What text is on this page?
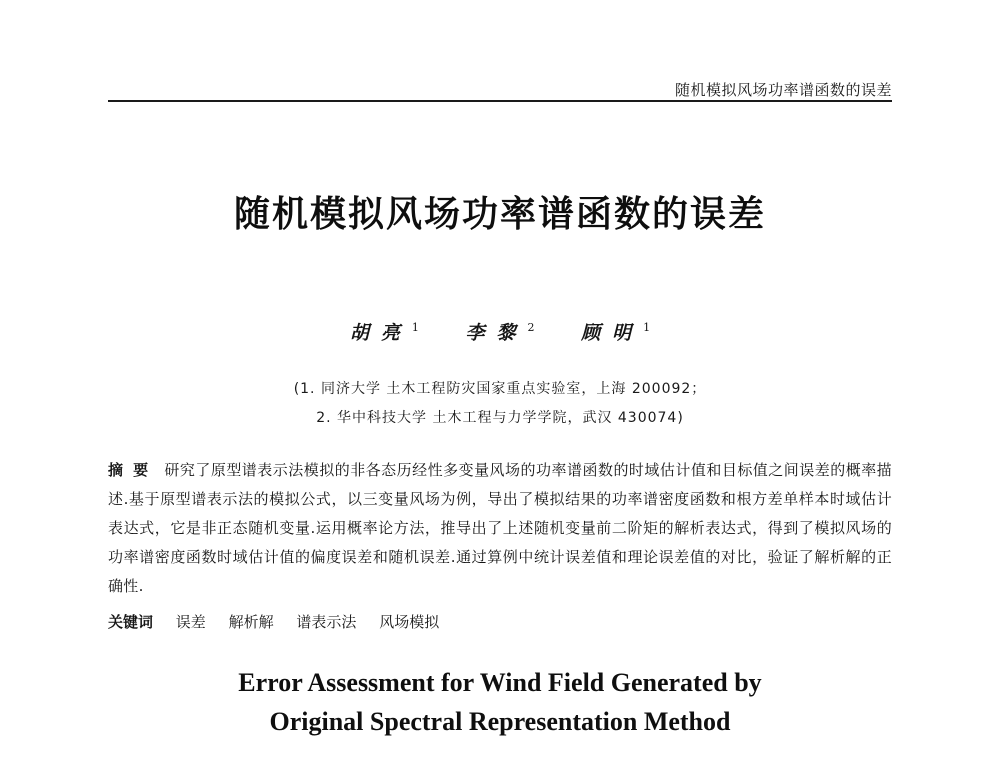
随机模拟风场功率谱函数的误差
随机模拟风场功率谱函数的误差
胡亮$^1$ 李黎$^2$ 顾明$^1$
(1. 同济大学 土木工程防灾国家重点实验室，上海 200092；
2. 华中科技大学 土木工程与力学学院，武汉 430074)
摘要 研究了原型谱表示法模拟的非各态历经性多变量风场的功率谱函数的时域估计值和目标值之间误差的概率描述.基于原型谱表示法的模拟公式，以三变量风场为例，导出了模拟结果的功率谱密度函数和根方差单样本时域估计表达式，它是非正态随机变量.运用概率论方法，推导出了上述随机变量前二阶矩的解析表达式，得到了模拟风场的功率谱密度函数时域估计值的偏度误差和随机误差.通过算例中统计误差值和理论误差值的对比，验证了解析解的正确性.
关键词 误差 解析解 谱表示法 风场模拟
Error Assessment for Wind Field Generated by
Original Spectral Representation Method
